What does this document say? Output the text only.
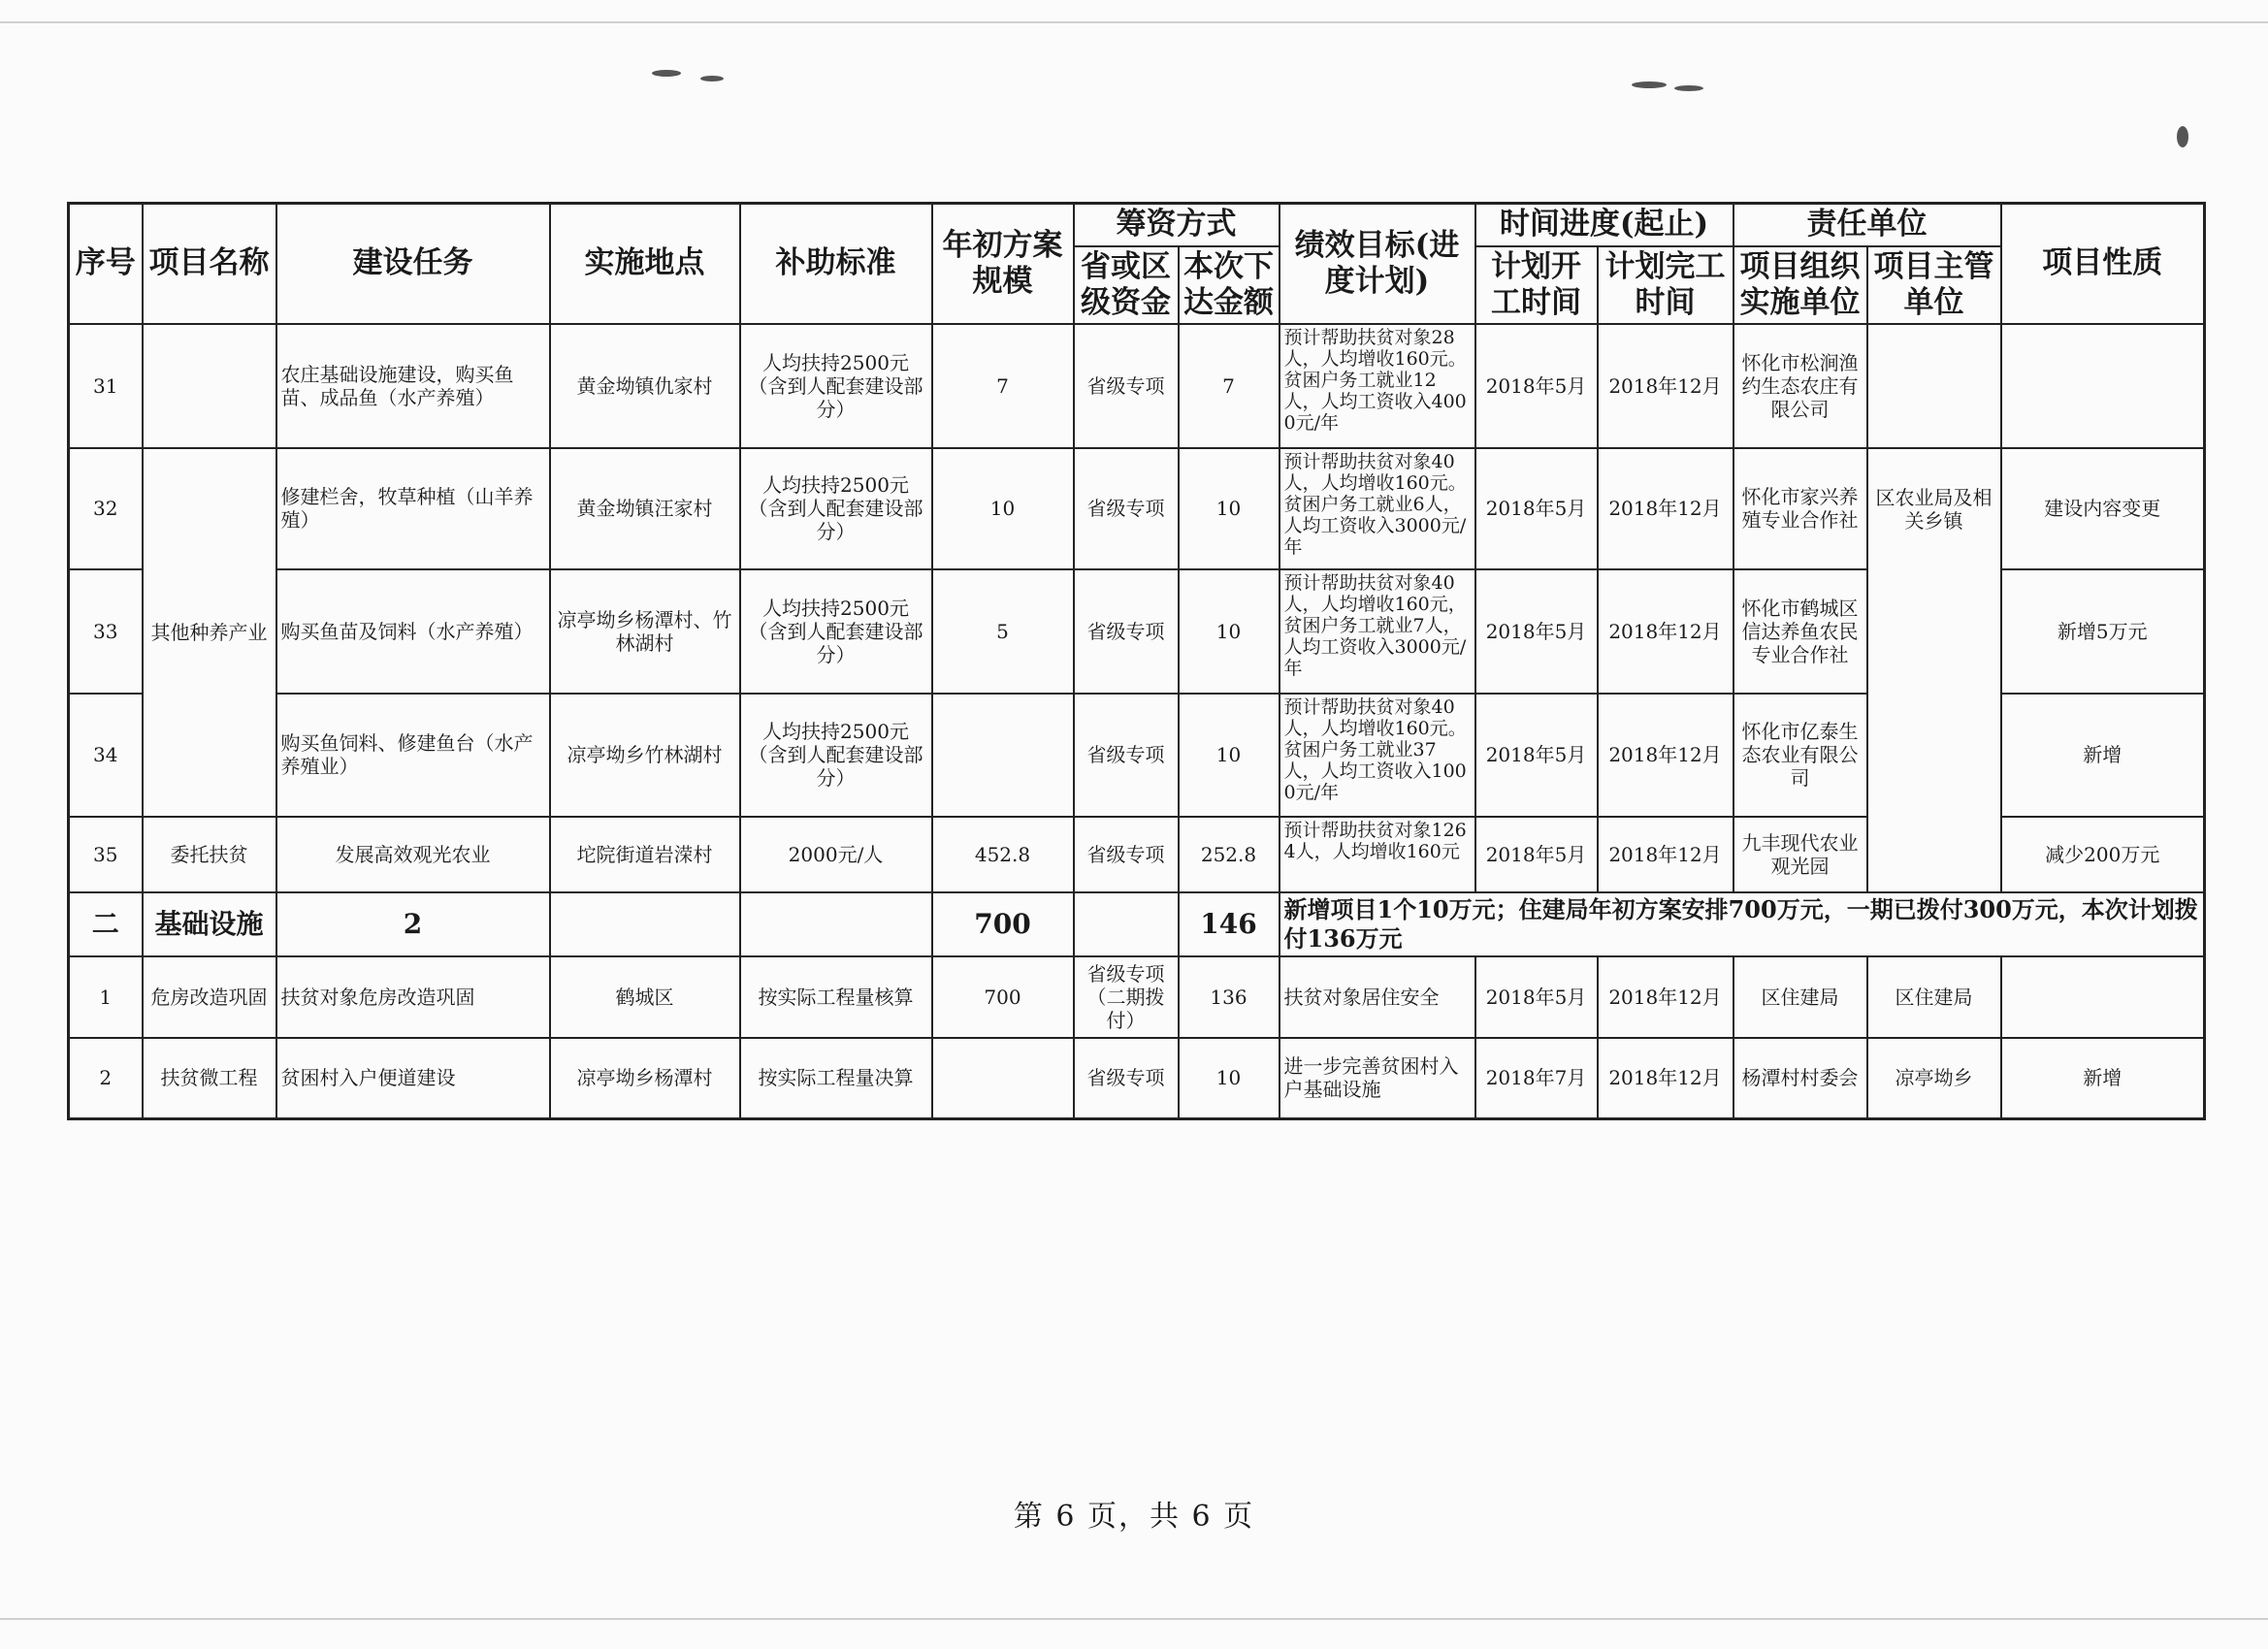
序号	项目名称	建设任务	实施地点	补助标准	年初方案规模	筹资方式		绩效目标(进度计划)	时间进度(起止)		责任单位		项目性质
						省或区级资金	本次下达金额		计划开工时间	计划完工时间	项目组织实施单位	项目主管单位	
31		农庄基础设施建设，购买鱼苗、成品鱼（水产养殖）	黄金坳镇仇家村	人均扶持2500元（含到人配套建设部分）	7	省级专项	7	预计帮助扶贫对象28人，人均增收160元。贫困户务工就业12人，人均工资收入4000元/年	2018年5月	2018年12月	怀化市松涧渔约生态农庄有限公司		
32	其他种养产业	修建栏舍，牧草种植（山羊养殖）	黄金坳镇汪家村	人均扶持2500元（含到人配套建设部分）	10	省级专项	10	预计帮助扶贫对象40人，人均增收160元。贫困户务工就业6人，人均工资收入3000元/年	2018年5月	2018年12月	怀化市家兴养殖专业合作社	区农业局及相关乡镇	建设内容变更
33		购买鱼苗及饲料（水产养殖）	凉亭坳乡杨潭村、竹林湖村	人均扶持2500元（含到人配套建设部分）	5	省级专项	10	预计帮助扶贫对象40人，人均增收160元，贫困户务工就业7人，人均工资收入3000元/年	2018年5月	2018年12月	怀化市鹤城区信达养鱼农民专业合作社		新增5万元
34		购买鱼饲料、修建鱼台（水产养殖业）	凉亭坳乡竹林湖村	人均扶持2500元（含到人配套建设部分）		省级专项	10	预计帮助扶贫对象40人，人均增收160元。贫困户务工就业37人，人均工资收入1000元/年	2018年5月	2018年12月	怀化市亿泰生态农业有限公司		新增
35	委托扶贫	发展高效观光农业	坨院街道岩溁村	2000元/人	452.8	省级专项	252.8	预计帮助扶贫对象1264人，人均增收160元	2018年5月	2018年12月	九丰现代农业观光园		减少200万元
二	基础设施	2			700		146	新增项目1个10万元；住建局年初方案安排700万元，一期已拨付300万元，本次计划拨付136万元					
1	危房改造巩固	扶贫对象危房改造巩固	鹤城区	按实际工程量核算	700	省级专项（二期拨付）	136	扶贫对象居住安全	2018年5月	2018年12月	区住建局	区住建局	
2	扶贫微工程	贫困村入户便道建设	凉亭坳乡杨潭村	按实际工程量决算		省级专项	10	进一步完善贫困村入户基础设施	2018年7月	2018年12月	杨潭村村委会	凉亭坳乡	新增
第 6 页，共 6 页
